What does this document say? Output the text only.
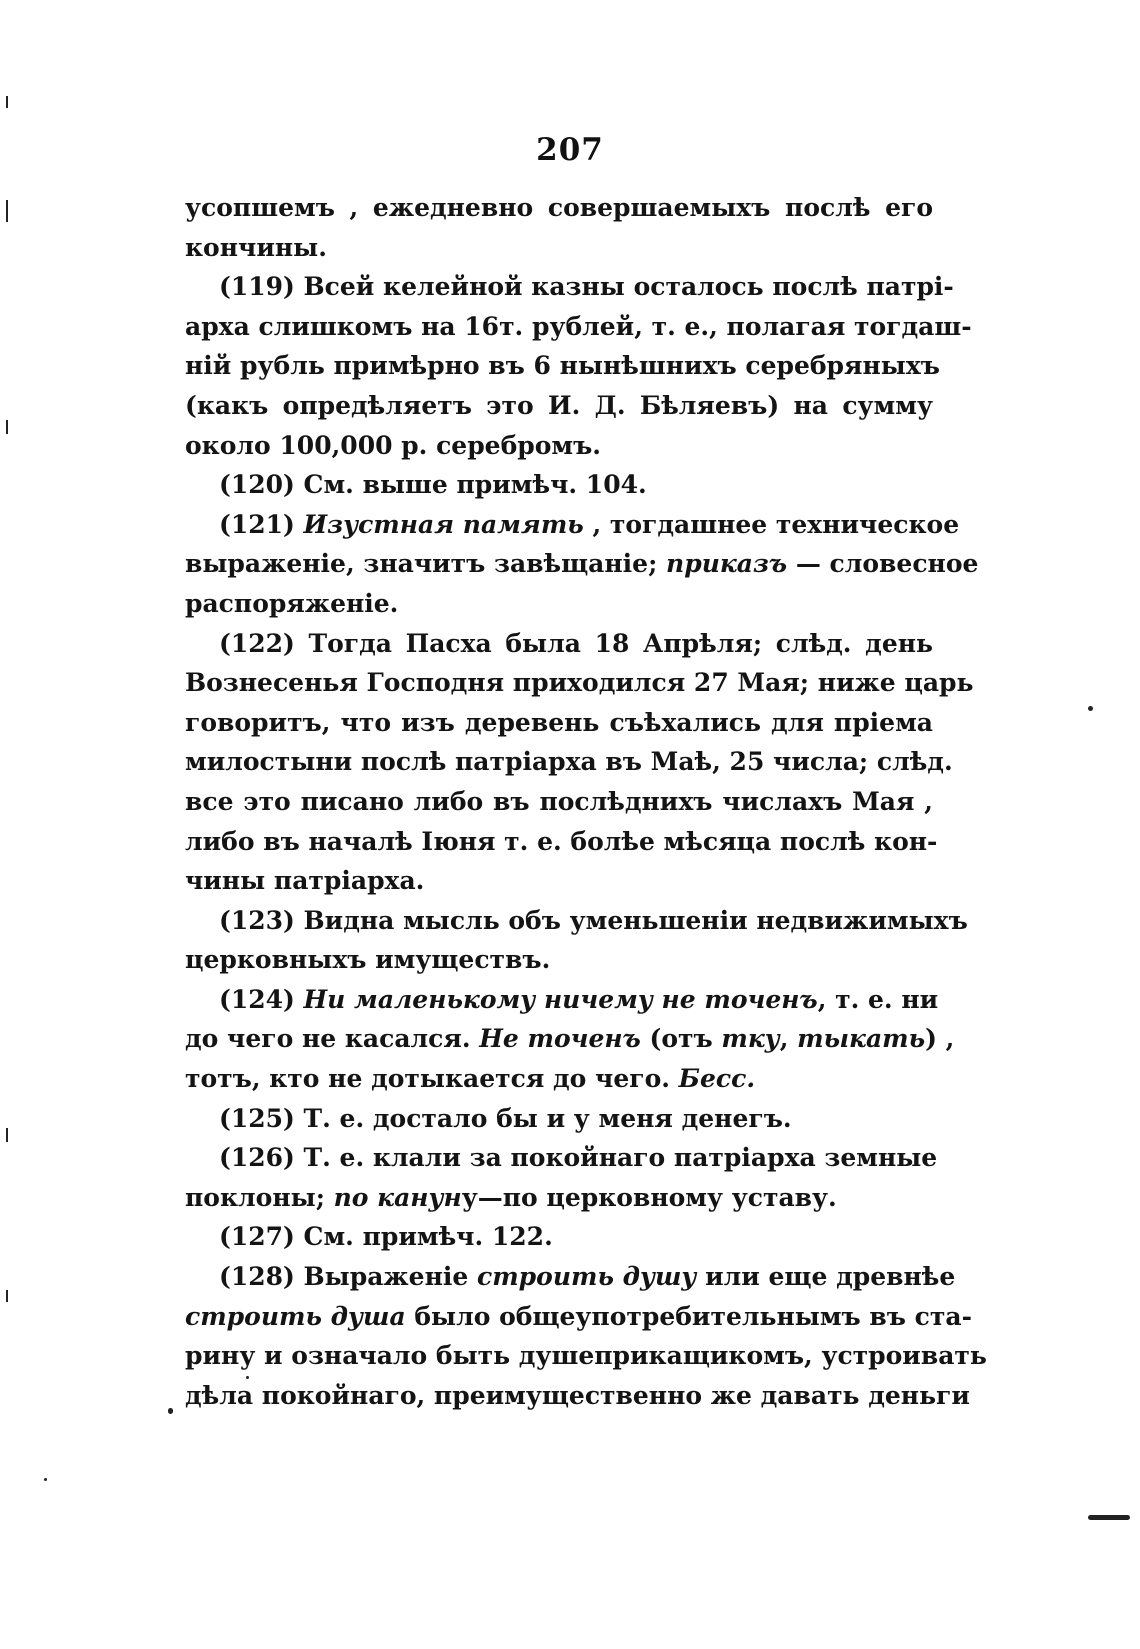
207
усопшемъ , ежедневно совершаемыхъ послѣ его
кончины.
(119) Всей келейной казны осталось послѣ патрі-
арха слишкомъ на 16т. рублей, т. е., полагая тогдаш-
ній рубль примѣрно въ 6 нынѣшнихъ серебряныхъ
(какъ опредѣляетъ это И. Д. Бѣляевъ) на сумму
около 100,000 р. серебромъ.
(120) См. выше примѣч. 104.
(121) Изустная память , тогдашнее техническое
выраженіе, значитъ завѣщаніе; приказъ — словесное
распоряженіе.
(122) Тогда Пасха была 18 Апрѣля; слѣд. день
Вознесенья Господня приходился 27 Мая; ниже царь
говоритъ, что изъ деревень съѣхались для пріема
милостыни послѣ патріарха въ Маѣ, 25 числа; слѣд.
все это писано либо въ послѣднихъ числахъ Мая ,
либо въ началѣ Іюня т. е. болѣе мѣсяца послѣ кон-
чины патріарха.
(123) Видна мысль объ уменьшеніи недвижимыхъ
церковныхъ имуществъ.
(124) Ни маленькому ничему не точенъ, т. е. ни
до чего не касался. Не точенъ (отъ тку, тыкать) ,
тотъ, кто не дотыкается до чего. Бесс.
(125) Т. е. достало бы и у меня денегъ.
(126) Т. е. клали за покойнаго патріарха земные
поклоны; по кануну—по церковному уставу.
(127) См. примѣч. 122.
(128) Выраженіе строить душу или еще древнѣе
строить душа было общеупотребительнымъ въ ста-
рину и означало быть душеприкащикомъ, устроивать
дѣла покойнаго, преимущественно же давать деньги
